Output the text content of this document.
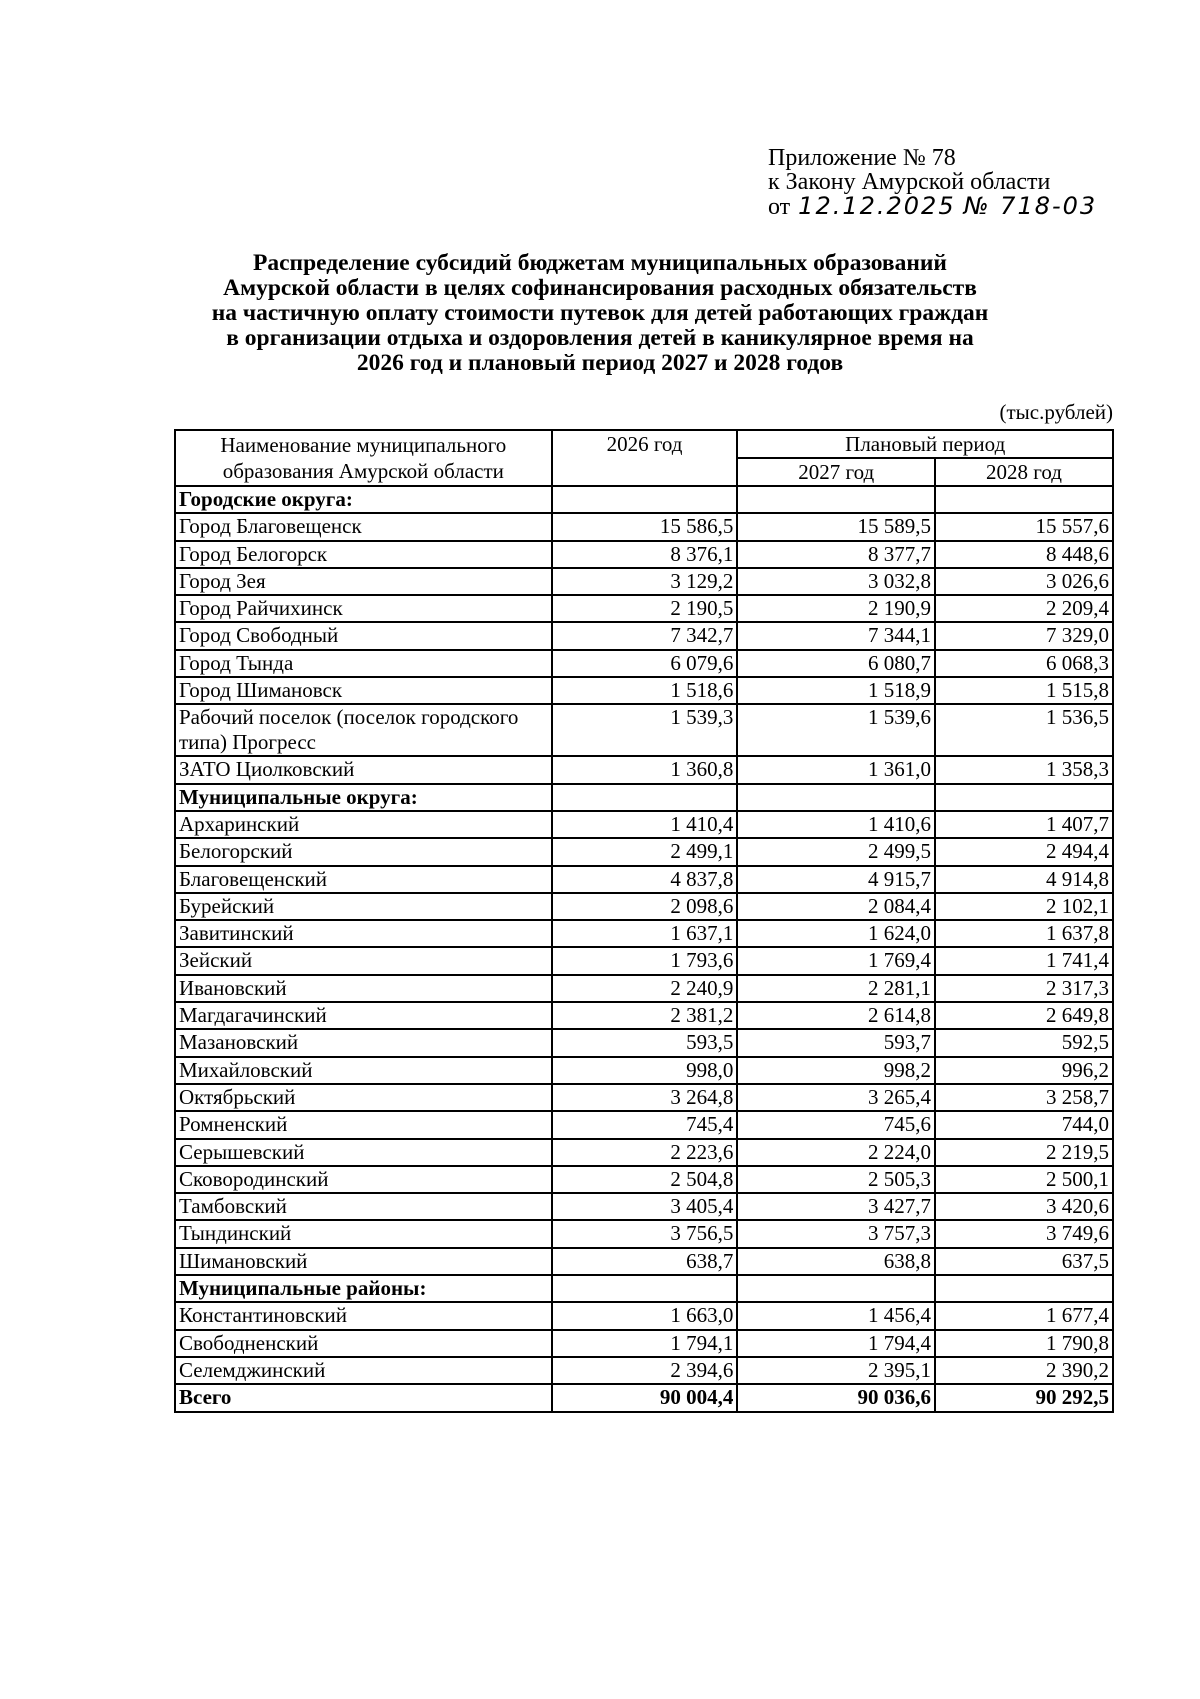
Приложение № 78
к Закону Амурской области
от 12.12.2025 № 718-03
Распределение субсидий бюджетам муниципальных образований
Амурской области в целях софинансирования расходных обязательств
на частичную оплату стоимости путевок для детей работающих граждан
в организации отдыха и оздоровления детей в каникулярное время на
2026 год и плановый период 2027 и 2028 годов
(тыс.рублей)
Наименование муниципального образования Амурской области	2026 год	Плановый период	
		2027 год	2028 год
Городские округа:			
Город Благовещенск	15 586,5	15 589,5	15 557,6
Город Белогорск	8 376,1	8 377,7	8 448,6
Город Зея	3 129,2	3 032,8	3 026,6
Город Райчихинск	2 190,5	2 190,9	2 209,4
Город Свободный	7 342,7	7 344,1	7 329,0
Город Тында	6 079,6	6 080,7	6 068,3
Город Шимановск	1 518,6	1 518,9	1 515,8
Рабочий поселок (поселок городского типа) Прогресс	1 539,3	1 539,6	1 536,5
ЗАТО Циолковский	1 360,8	1 361,0	1 358,3
Муниципальные округа:			
Архаринский	1 410,4	1 410,6	1 407,7
Белогорский	2 499,1	2 499,5	2 494,4
Благовещенский	4 837,8	4 915,7	4 914,8
Бурейский	2 098,6	2 084,4	2 102,1
Завитинский	1 637,1	1 624,0	1 637,8
Зейский	1 793,6	1 769,4	1 741,4
Ивановский	2 240,9	2 281,1	2 317,3
Магдагачинский	2 381,2	2 614,8	2 649,8
Мазановский	593,5	593,7	592,5
Михайловский	998,0	998,2	996,2
Октябрьский	3 264,8	3 265,4	3 258,7
Ромненский	745,4	745,6	744,0
Серышевский	2 223,6	2 224,0	2 219,5
Сковородинский	2 504,8	2 505,3	2 500,1
Тамбовский	3 405,4	3 427,7	3 420,6
Тындинский	3 756,5	3 757,3	3 749,6
Шимановский	638,7	638,8	637,5
Муниципальные районы:			
Константиновский	1 663,0	1 456,4	1 677,4
Свободненский	1 794,1	1 794,4	1 790,8
Селемджинский	2 394,6	2 395,1	2 390,2
Всего	90 004,4	90 036,6	90 292,5
